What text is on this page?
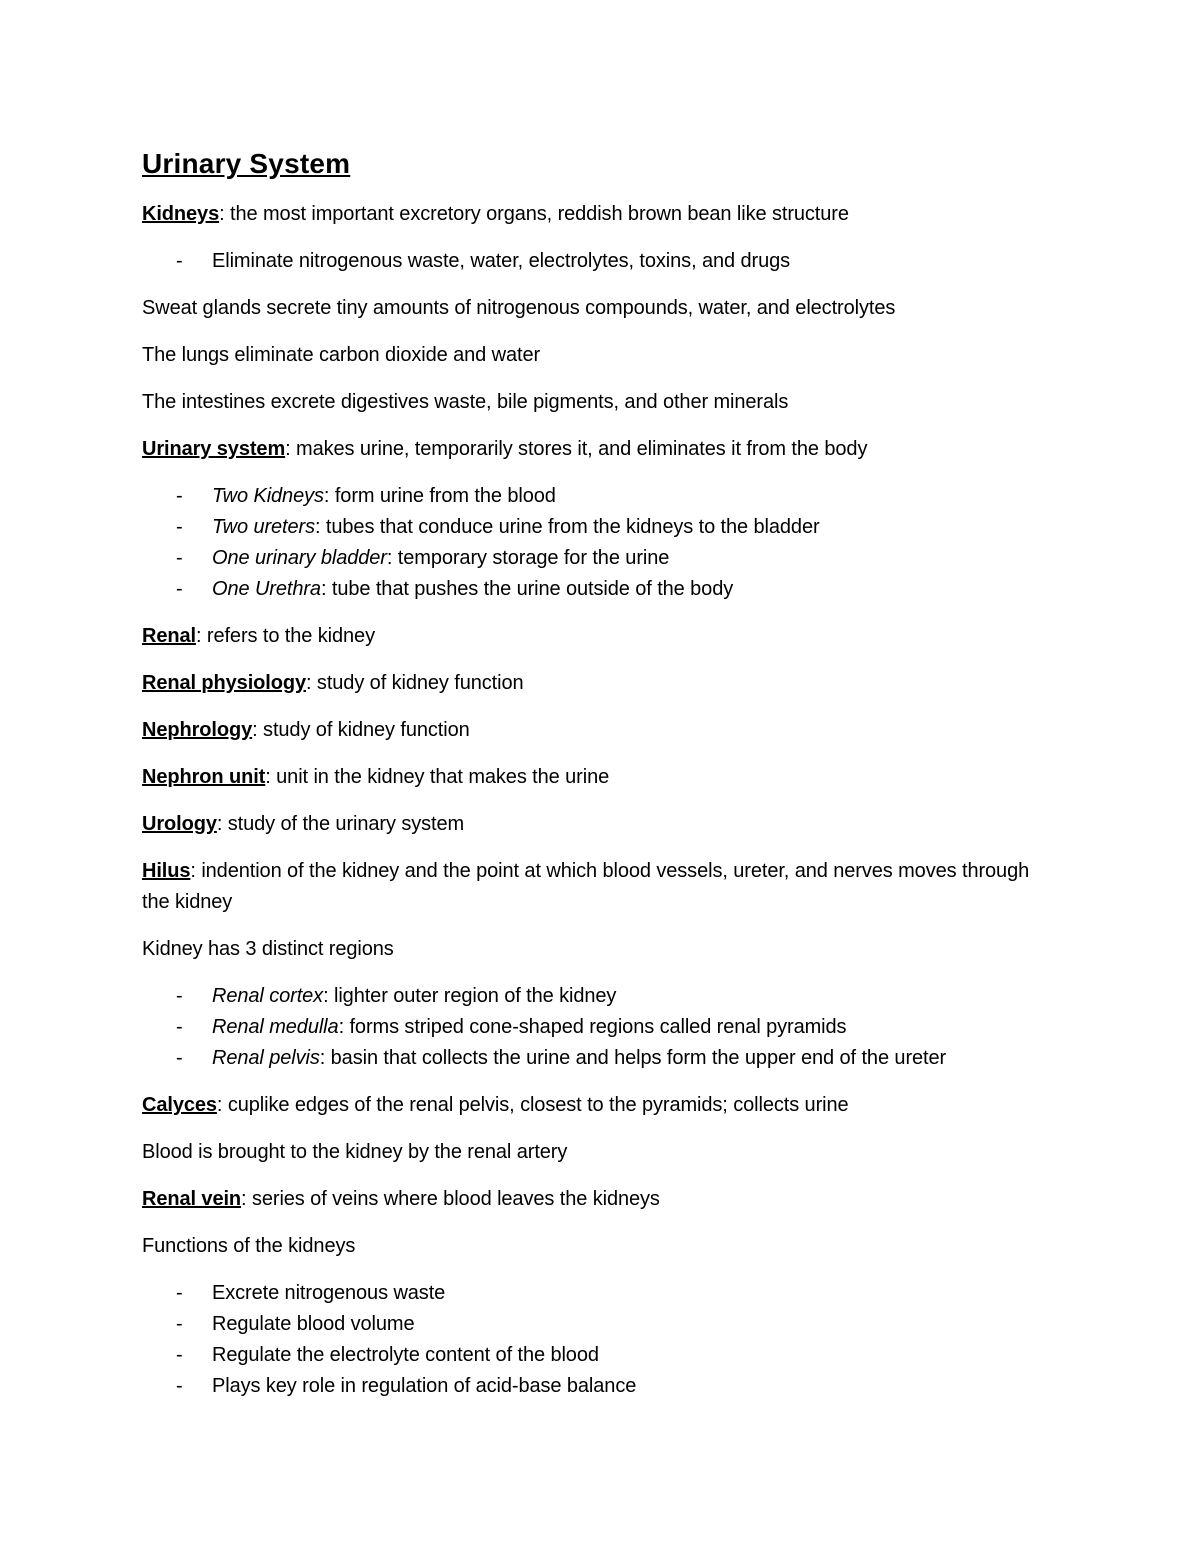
Urinary System
Kidneys: the most important excretory organs, reddish brown bean like structure
- Eliminate nitrogenous waste, water, electrolytes, toxins, and drugs
Sweat glands secrete tiny amounts of nitrogenous compounds, water, and electrolytes
The lungs eliminate carbon dioxide and water
The intestines excrete digestives waste, bile pigments, and other minerals
Urinary system: makes urine, temporarily stores it, and eliminates it from the body
- Two Kidneys: form urine from the blood
- Two ureters: tubes that conduce urine from the kidneys to the bladder
- One urinary bladder: temporary storage for the urine
- One Urethra: tube that pushes the urine outside of the body
Renal: refers to the kidney
Renal physiology: study of kidney function
Nephrology: study of kidney function
Nephron unit: unit in the kidney that makes the urine
Urology: study of the urinary system
Hilus: indention of the kidney and the point at which blood vessels, ureter, and nerves moves through the kidney
Kidney has 3 distinct regions
- Renal cortex: lighter outer region of the kidney
- Renal medulla: forms striped cone-shaped regions called renal pyramids
- Renal pelvis: basin that collects the urine and helps form the upper end of the ureter
Calyces: cuplike edges of the renal pelvis, closest to the pyramids; collects urine
Blood is brought to the kidney by the renal artery
Renal vein: series of veins where blood leaves the kidneys
Functions of the kidneys
- Excrete nitrogenous waste
- Regulate blood volume
- Regulate the electrolyte content of the blood
- Plays key role in regulation of acid-base balance
